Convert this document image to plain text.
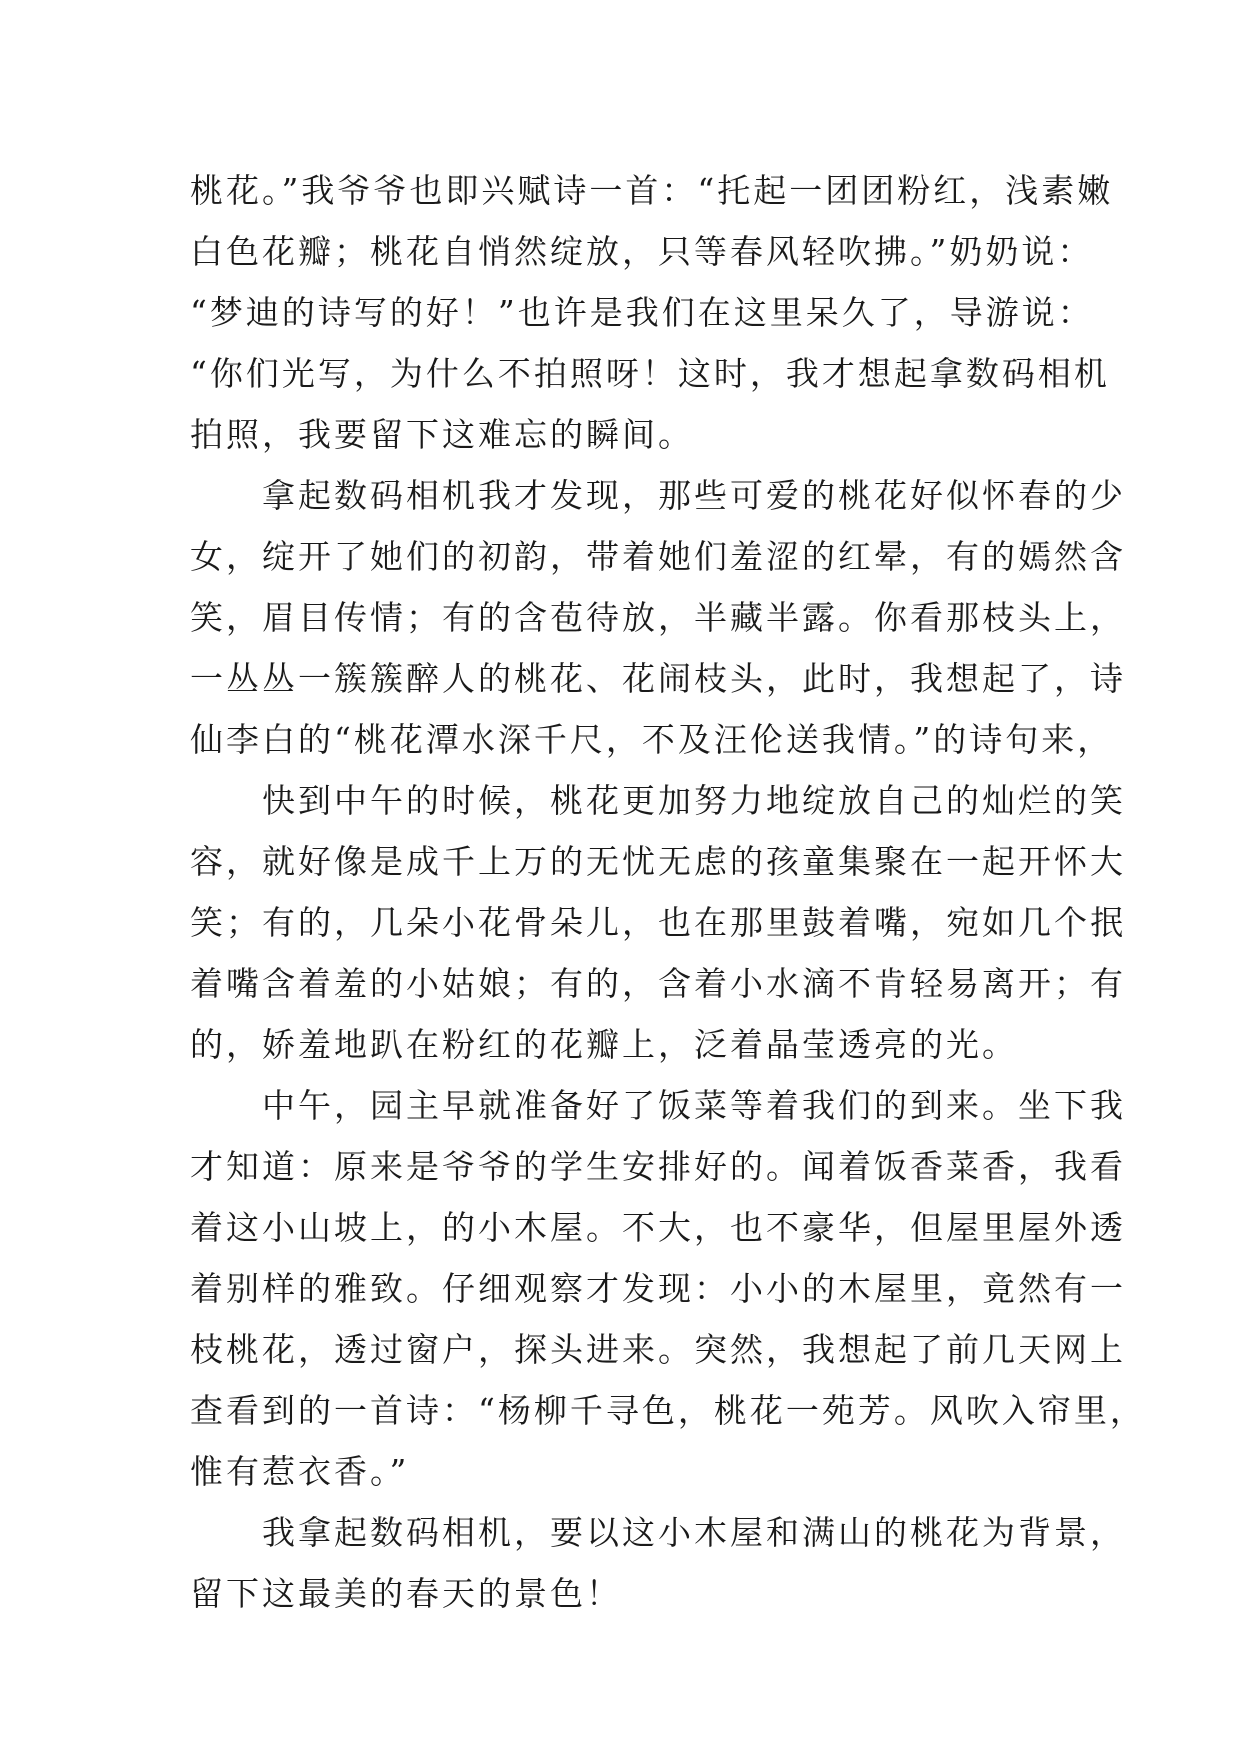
桃花。”我爷爷也即兴赋诗一首：“托起一团团粉红，浅素嫩
白色花瓣；桃花自悄然绽放，只等春风轻吹拂。”奶奶说：
“梦迪的诗写的好！”也许是我们在这里呆久了，导游说：
“你们光写，为什么不拍照呀！这时，我才想起拿数码相机
拍照，我要留下这难忘的瞬间。
　　拿起数码相机我才发现，那些可爱的桃花好似怀春的少
女，绽开了她们的初韵，带着她们羞涩的红晕，有的嫣然含
笑，眉目传情；有的含苞待放，半藏半露。你看那枝头上，
一丛丛一簇簇醉人的桃花、花闹枝头，此时，我想起了，诗
仙李白的“桃花潭水深千尺，不及汪伦送我情。”的诗句来，
　　快到中午的时候，桃花更加努力地绽放自己的灿烂的笑
容，就好像是成千上万的无忧无虑的孩童集聚在一起开怀大
笑；有的，几朵小花骨朵儿，也在那里鼓着嘴，宛如几个抿
着嘴含着羞的小姑娘；有的，含着小水滴不肯轻易离开；有
的，娇羞地趴在粉红的花瓣上，泛着晶莹透亮的光。
　　中午，园主早就准备好了饭菜等着我们的到来。坐下我
才知道：原来是爷爷的学生安排好的。闻着饭香菜香，我看
着这小山坡上，的小木屋。不大，也不豪华，但屋里屋外透
着别样的雅致。仔细观察才发现：小小的木屋里，竟然有一
枝桃花，透过窗户，探头进来。突然，我想起了前几天网上
查看到的一首诗：“杨柳千寻色，桃花一苑芳。风吹入帘里，
惟有惹衣香。”
　　我拿起数码相机，要以这小木屋和满山的桃花为背景，
留下这最美的春天的景色！
